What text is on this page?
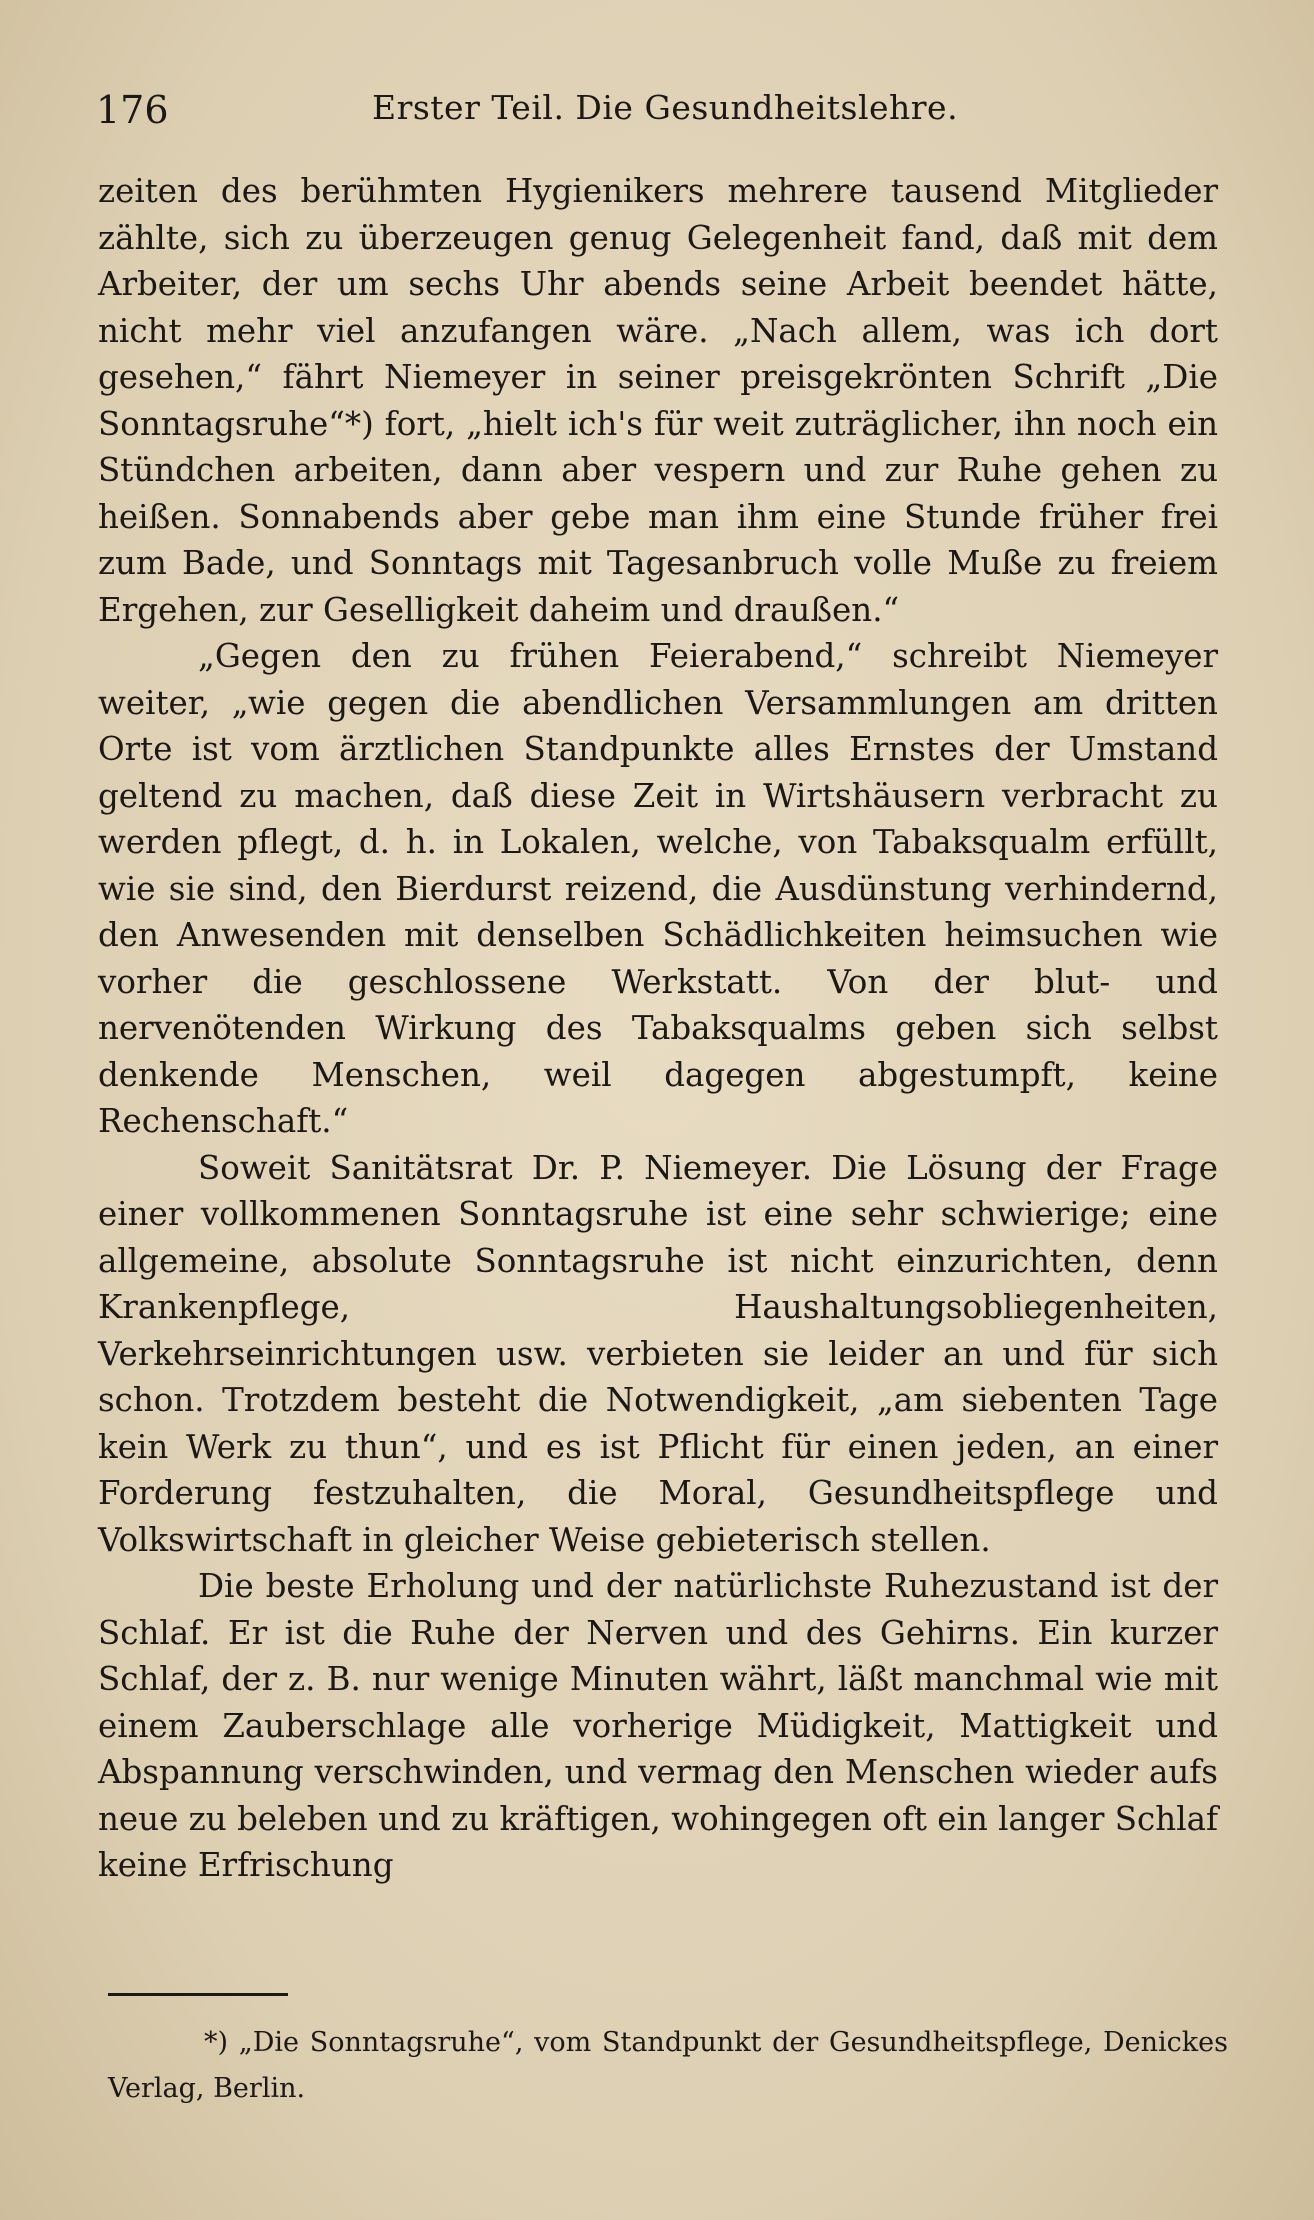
176	Erster Teil. Die Gesundheitslehre.

zeiten des berühmten Hygienikers mehrere tausend Mitglieder zählte, sich zu überzeugen genug Gelegenheit fand, daß mit dem Arbeiter, der um sechs Uhr abends seine Arbeit beendet hätte, nicht mehr viel anzufangen wäre. „Nach allem, was ich dort gesehen,“ fährt Niemeyer in seiner preisgekrönten Schrift „Die Sonntagsruhe“*) fort, „hielt ich's für weit zuträglicher, ihn noch ein Stündchen arbeiten, dann aber vespern und zur Ruhe gehen zu heißen. Sonnabends aber gebe man ihm eine Stunde früher frei zum Bade, und Sonntags mit Tagesanbruch volle Muße zu freiem Ergehen, zur Geselligkeit daheim und draußen.“

„Gegen den zu frühen Feierabend,“ schreibt Niemeyer weiter, „wie gegen die abendlichen Versammlungen am dritten Orte ist vom ärztlichen Standpunkte alles Ernstes der Umstand geltend zu machen, daß diese Zeit in Wirtshäusern verbracht zu werden pflegt, d. h. in Lokalen, welche, von Tabaksqualm erfüllt, wie sie sind, den Bierdurst reizend, die Ausdünstung verhindernd, den Anwesenden mit denselben Schädlichkeiten heimsuchen wie vorher die geschlossene Werkstatt. Von der blut- und nervenötenden Wirkung des Tabaksqualms geben sich selbst denkende Menschen, weil dagegen abgestumpft, keine Rechenschaft.“

Soweit Sanitätsrat Dr. P. Niemeyer. Die Lösung der Frage einer vollkommenen Sonntagsruhe ist eine sehr schwierige; eine allgemeine, absolute Sonntagsruhe ist nicht einzurichten, denn Krankenpflege, Haushaltungsobliegenheiten, Verkehrseinrichtungen usw. verbieten sie leider an und für sich schon. Trotzdem besteht die Notwendigkeit, „am siebenten Tage kein Werk zu thun“, und es ist Pflicht für einen jeden, an einer Forderung festzuhalten, die Moral, Gesundheitspflege und Volkswirtschaft in gleicher Weise gebieterisch stellen.

Die beste Erholung und der natürlichste Ruhezustand ist der Schlaf. Er ist die Ruhe der Nerven und des Gehirns. Ein kurzer Schlaf, der z. B. nur wenige Minuten währt, läßt manchmal wie mit einem Zauberschlage alle vorherige Müdigkeit, Mattigkeit und Abspannung verschwinden, und vermag den Menschen wieder aufs neue zu beleben und zu kräftigen, wohingegen oft ein langer Schlaf keine Erfrischung

*) „Die Sonntagsruhe“, vom Standpunkt der Gesundheitspflege, Denickes Verlag, Berlin.
